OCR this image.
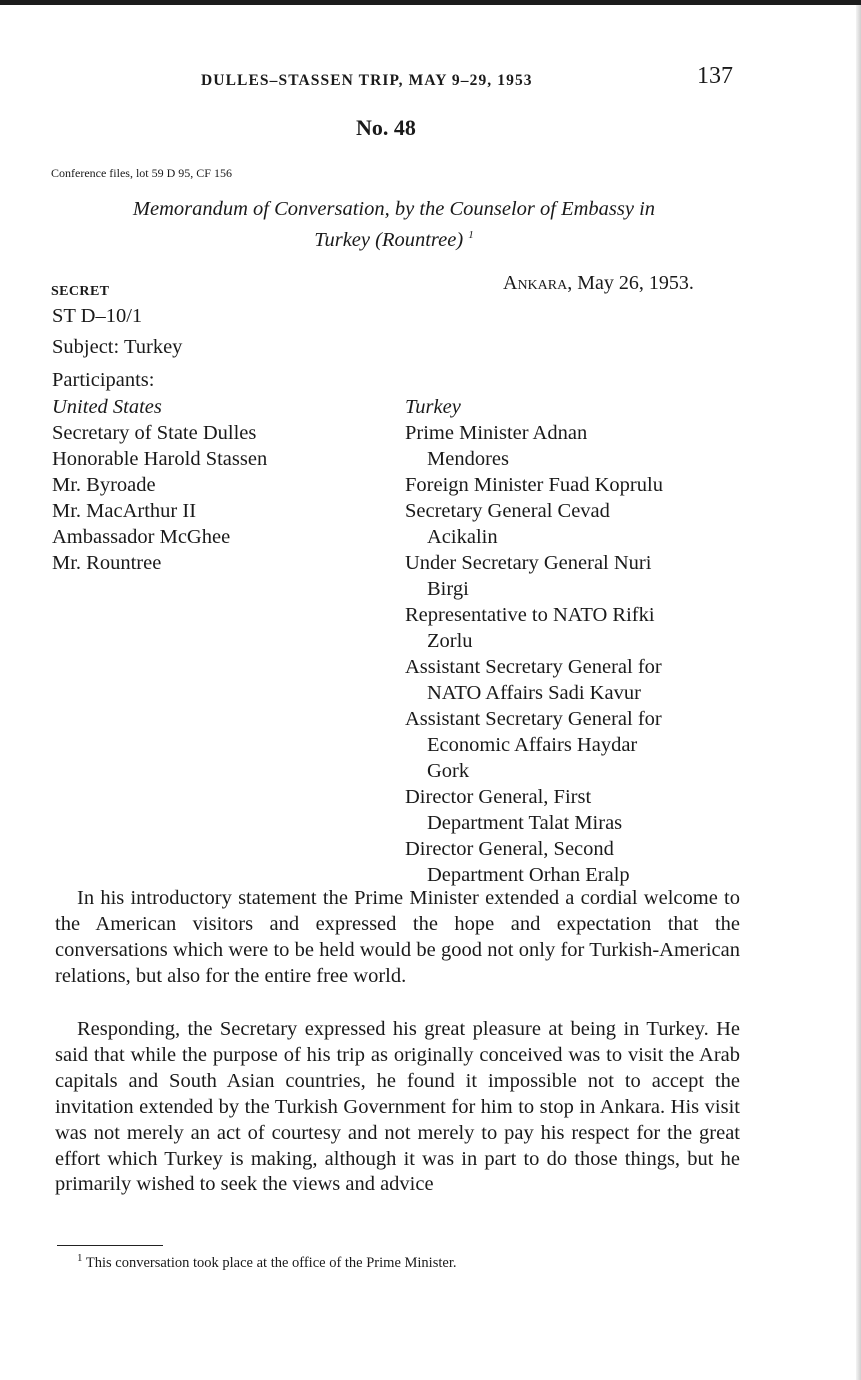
DULLES–STASSEN TRIP, MAY 9–29, 1953	137
No. 48
Conference files, lot 59 D 95, CF 156
Memorandum of Conversation, by the Counselor of Embassy in
Turkey (Rountree) $^1$
SECRET	Ankara, May 26, 1953.
ST D–10/1
Subject: Turkey
Participants:
United States
Secretary of State Dulles
Honorable Harold Stassen
Mr. Byroade
Mr. MacArthur II
Ambassador McGhee
Mr. Rountree
Turkey
Prime Minister Adnan
Mendores
Foreign Minister Fuad Koprulu
Secretary General Cevad
Acikalin
Under Secretary General Nuri
Birgi
Representative to NATO Rifki
Zorlu
Assistant Secretary General for
NATO Affairs Sadi Kavur
Assistant Secretary General for
Economic Affairs Haydar
Gork
Director General, First
Department Talat Miras
Director General, Second
Department Orhan Eralp

In his introductory statement the Prime Minister extended a cordial welcome to the American visitors and expressed the hope and expectation that the conversations which were to be held would be good not only for Turkish-American relations, but also for the entire free world.

Responding, the Secretary expressed his great pleasure at being in Turkey. He said that while the purpose of his trip as originally conceived was to visit the Arab capitals and South Asian countries, he found it impossible not to accept the invitation extended by the Turkish Government for him to stop in Ankara. His visit was not merely an act of courtesy and not merely to pay his respect for the great effort which Turkey is making, although it was in part to do those things, but he primarily wished to seek the views and advice

$^1$ This conversation took place at the office of the Prime Minister.
